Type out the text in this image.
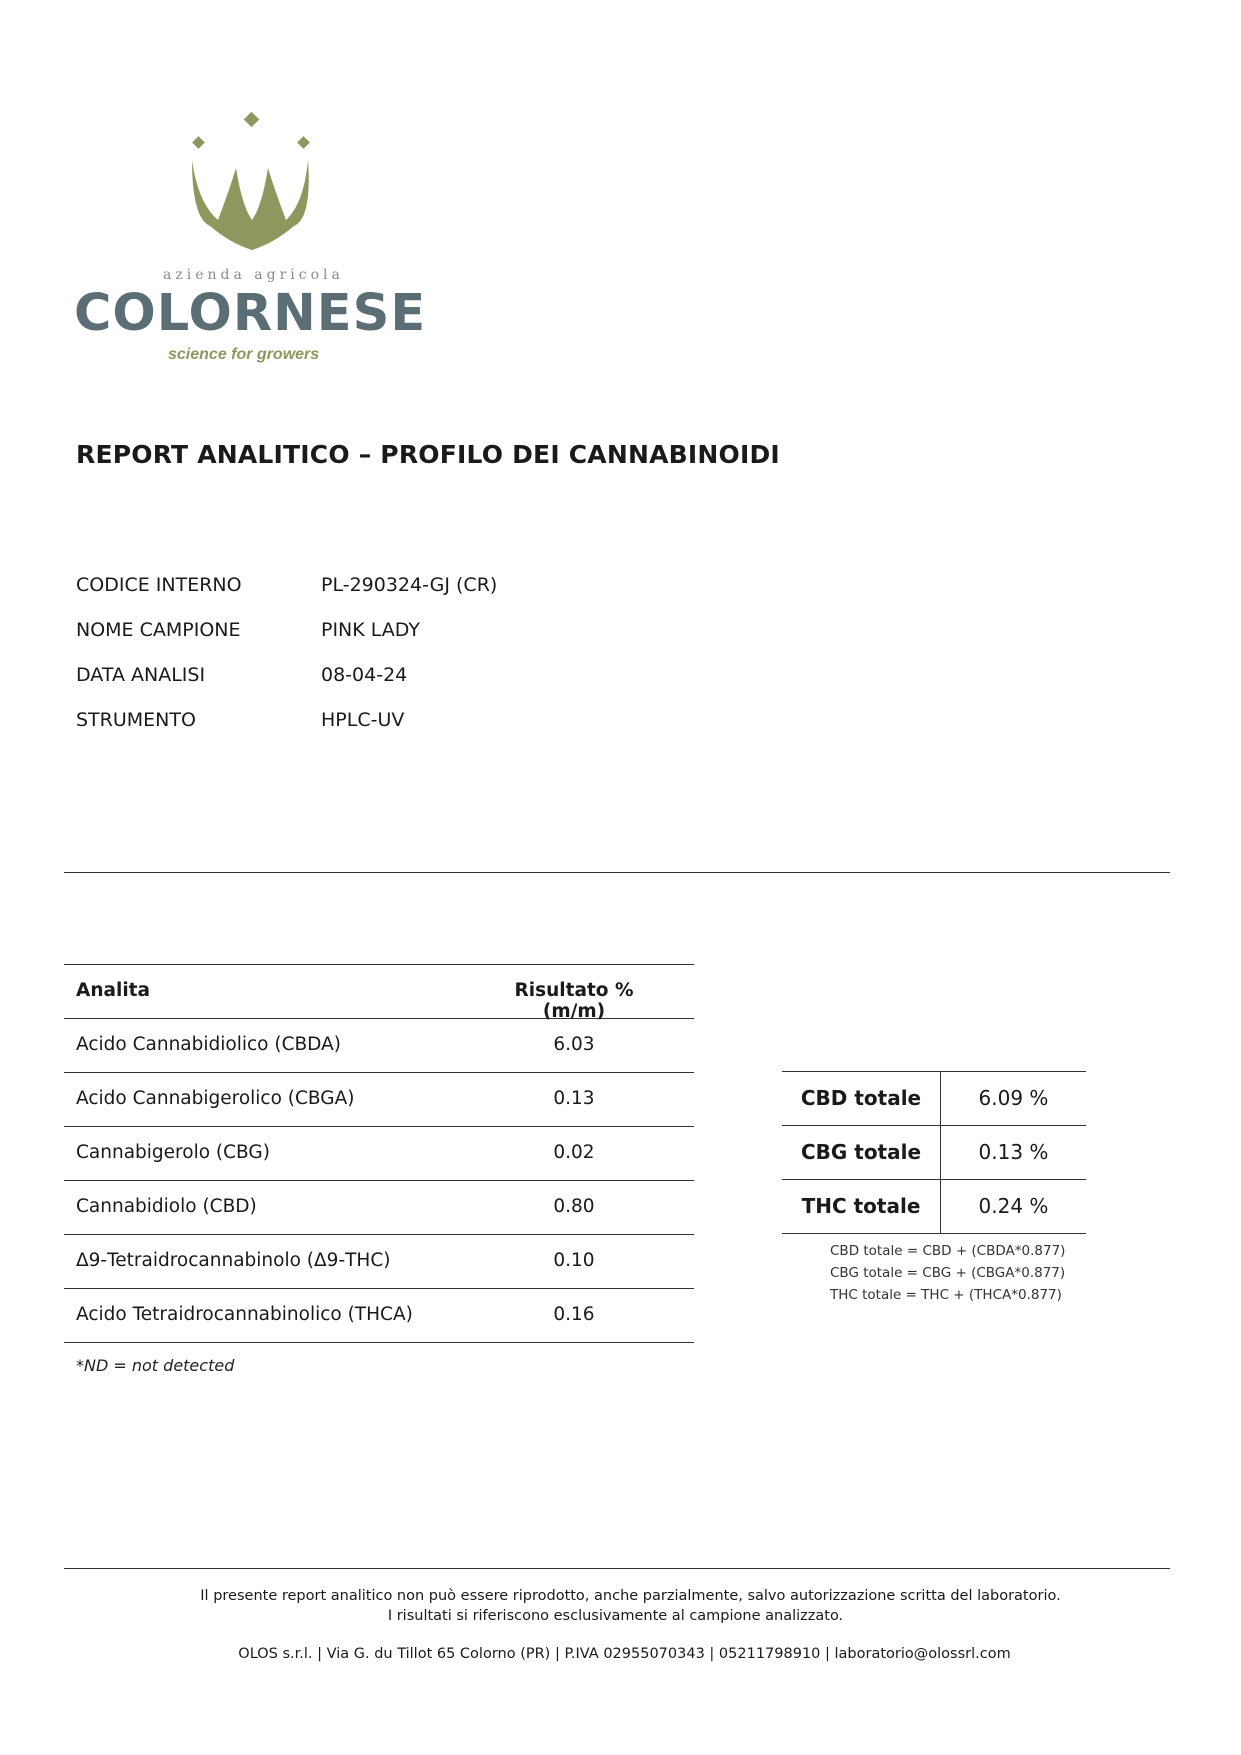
azienda agricola
COLORNESE
science for growers
REPORT ANALITICO – PROFILO DEI CANNABINOIDI
CODICE INTERNO	PL-290324-GJ (CR)
NOME CAMPIONE	PINK LADY
DATA ANALISI	08-04-24
STRUMENTO	HPLC-UV
Analita	Risultato % (m/m)
Acido Cannabidiolico (CBDA)	6.03
Acido Cannabigerolico (CBGA)	0.13
Cannabigerolo (CBG)	0.02
Cannabidiolo (CBD)	0.80
Δ9-Tetraidrocannabinolo (Δ9-THC)	0.10
Acido Tetraidrocannabinolico (THCA)	0.16
*ND = not detected
CBD totale	6.09 %
CBG totale	0.13 %
THC totale	0.24 %
CBD totale = CBD + (CBDA*0.877)
CBG totale = CBG + (CBGA*0.877)
THC totale = THC + (THCA*0.877)
Il presente report analitico non può essere riprodotto, anche parzialmente, salvo autorizzazione scritta del laboratorio.
I risultati si riferiscono esclusivamente al campione analizzato.
OLOS s.r.l. | Via G. du Tillot 65 Colorno (PR) | P.IVA 02955070343 | 05211798910 | laboratorio@olossrl.com
